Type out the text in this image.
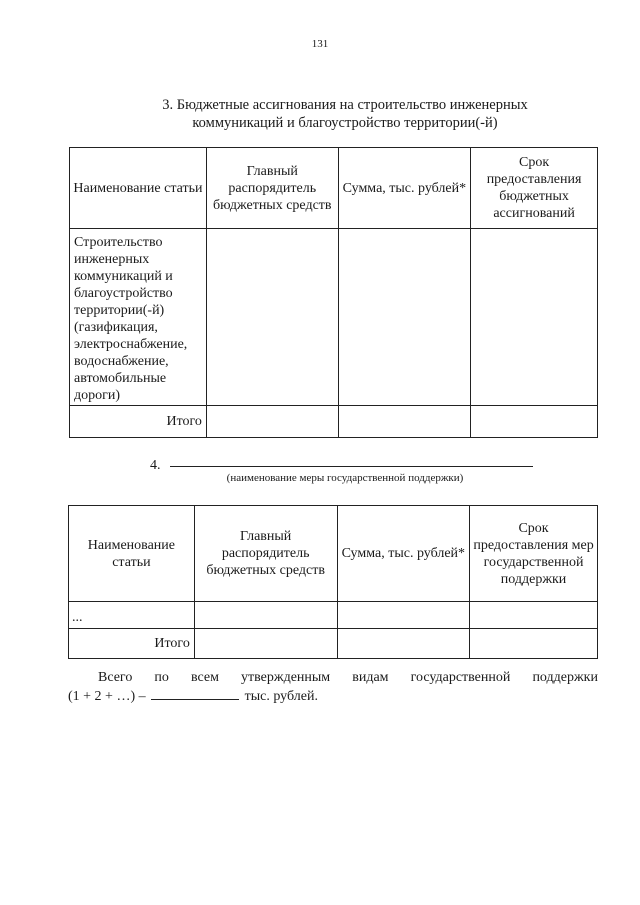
131
3. Бюджетные ассигнования на строительство инженерных
коммуникаций и благоустройство территории(-й)
Наименование статьи	Главный распорядитель бюджетных средств	Сумма, тыс. рублей*	Срок предоставления бюджетных ассигнований
Строительство инженерных коммуникаций и благоустройство территории(-й) (газификация, электроснабжение, водоснабжение, автомобильные дороги)			
Итого			
4.
(наименование меры государственной поддержки)
Наименование статьи	Главный распорядитель бюджетных средств	Сумма, тыс. рублей*	Срок предоставления мер государственной поддержки
...			
Итого			
Всего по всем утвержденным видам государственной поддержки
(1 + 2 + …) –	тыс. рублей.
